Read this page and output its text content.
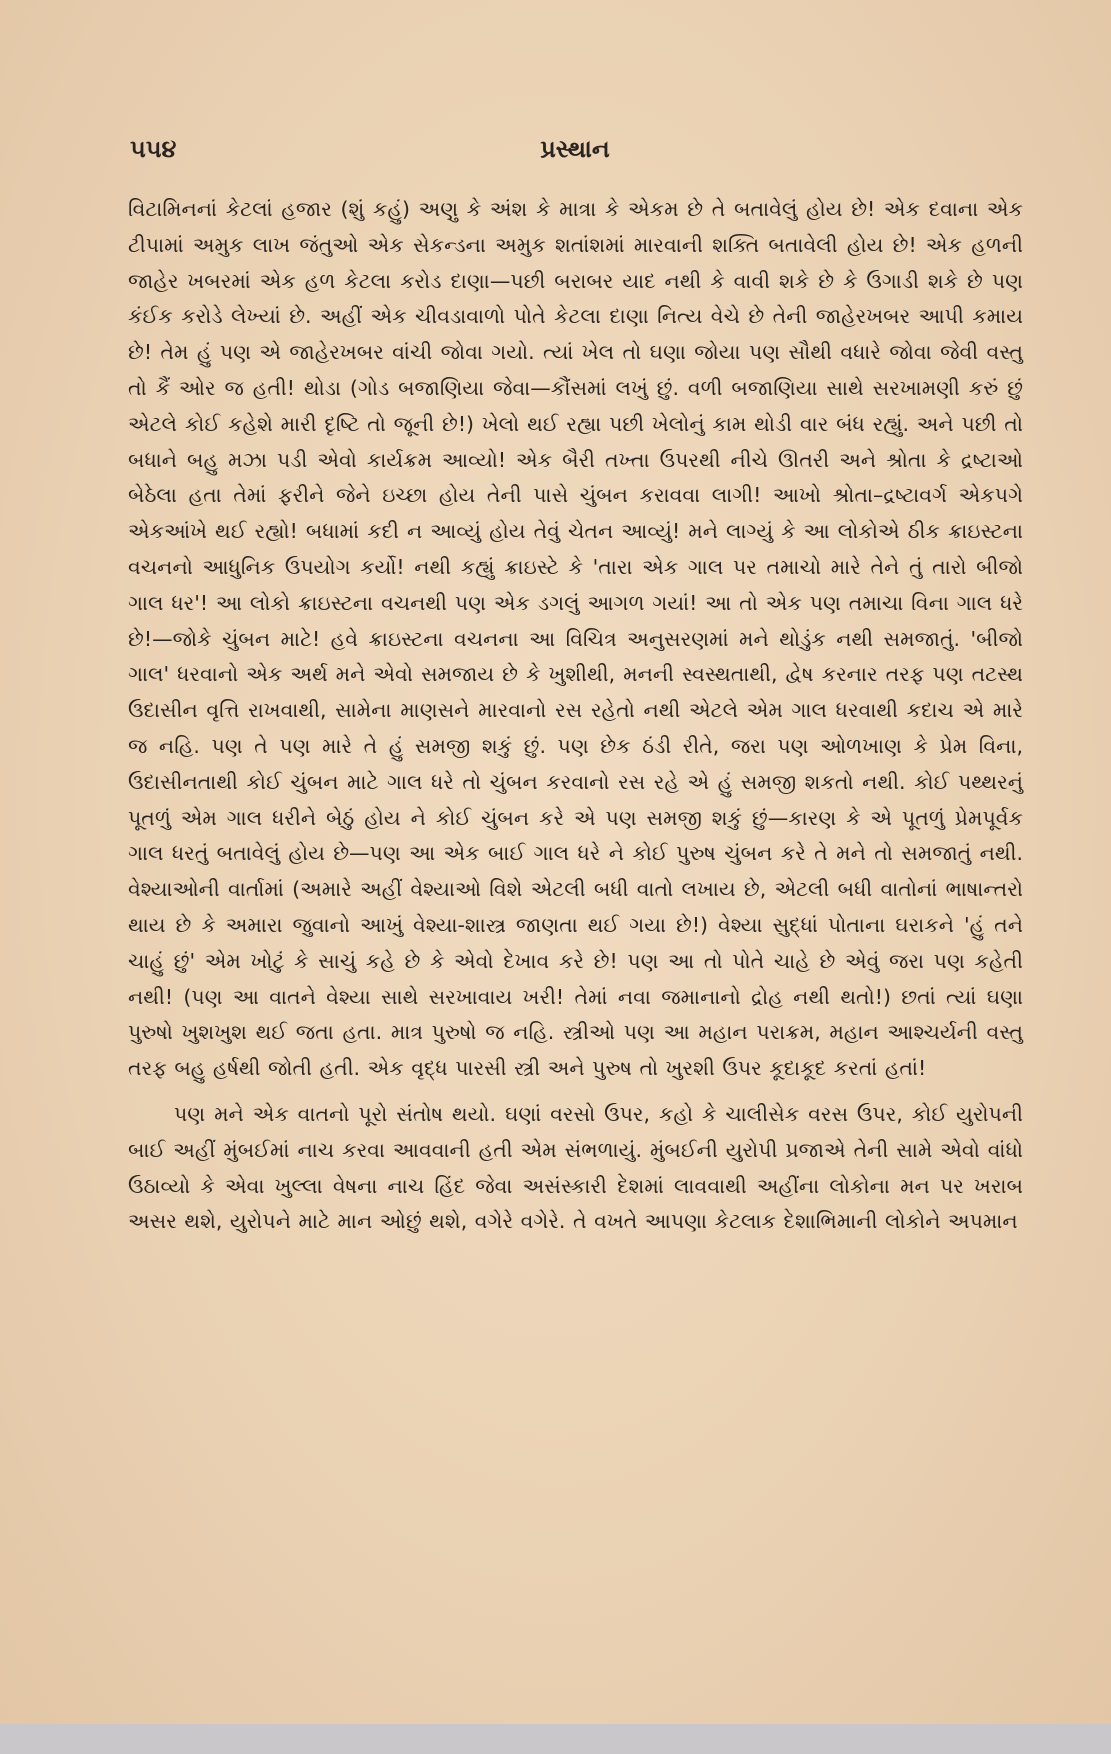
૫૫૪	પ્રસ્થાન

વિટામિનનાં કેટલાં હજાર (શું કહું) અણુ કે અંશ કે માત્રા કે એકમ છે તે બતાવેલું હોય છે! એક દવાના એક ટીપામાં અમુક લાખ જંતુઓ એક સેકન્ડના અમુક શતાંશમાં મારવાની શક્તિ બતાવેલી હોય છે! એક હળની જાહેર ખબરમાં એક હળ કેટલા કરોડ દાણા—પછી બરાબર યાદ નથી કે વાવી શકે છે કે ઉગાડી શકે છે પણ કંઈક કરોડે લેખ્યાં છે. અહીં એક ચીવડાવાળો પોતે કેટલા દાણા નિત્ય વેચે છે તેની જાહેરખબર આપી કમાય છે! તેમ હું પણ એ જાહેરખબર વાંચી જોવા ગયો. ત્યાં ખેલ તો ઘણા જોયા પણ સૌથી વધારે જોવા જેવી વસ્તુ તો કૈં ઓર જ હતી! થોડા (ગોડ બજાણિયા જેવા—કૌંસમાં લખું છું. વળી બજાણિયા સાથે સરખામણી કરું છું એટલે કોઈ કહેશે મારી દૃષ્ટિ તો જૂની છે!) ખેલો થઈ રહ્યા પછી ખેલોનું કામ થોડી વાર બંધ રહ્યું. અને પછી તો બધાને બહુ મઝા પડી એવો કાર્યક્રમ આવ્યો! એક બૈરી તખ્તા ઉપરથી નીચે ઊતરી અને શ્રોતા કે દ્રષ્ટાઓ બેઠેલા હતા તેમાં ફરીને જેને ઇચ્છા હોય તેની પાસે ચુંબન કરાવવા લાગી! આખો શ્રોતા–દ્રષ્ટાવર્ગ એકપગે એકઆંખે થઈ રહ્યો! બધામાં કદી ન આવ્યું હોય તેવું ચેતન આવ્યું! મને લાગ્યું કે આ લોકોએ ઠીક ક્રાઇસ્ટના વચનનો આધુનિક ઉપયોગ કર્યો! નથી કહ્યું ક્રાઇસ્ટે કે 'તારા એક ગાલ પર તમાચો મારે તેને તું તારો બીજો ગાલ ધર'! આ લોકો ક્રાઇસ્ટના વચનથી પણ એક ડગલું આગળ ગયાં! આ તો એક પણ તમાચા વિના ગાલ ધરે છે!—જોકે ચુંબન માટે! હવે ક્રાઇસ્ટના વચનના આ વિચિત્ર અનુસરણમાં મને થોડુંક નથી સમજાતું. 'બીજો ગાલ' ધરવાનો એક અર્થ મને એવો સમજાય છે કે ખુશીથી, મનની સ્વસ્થતાથી, દ્વેષ કરનાર તરફ પણ તટસ્થ ઉદાસીન વૃત્તિ રાખવાથી, સામેના માણસને મારવાનો રસ રહેતો નથી એટલે એમ ગાલ ધરવાથી કદાચ એ મારે જ નહિ. પણ તે પણ મારે તે હું સમજી શકું છું. પણ છેક ઠંડી રીતે, જરા પણ ઓળખાણ કે પ્રેમ વિના, ઉદાસીનતાથી કોઈ ચુંબન માટે ગાલ ધરે તો ચુંબન કરવાનો રસ રહે એ હું સમજી શકતો નથી. કોઈ પથ્થરનું પૂતળું એમ ગાલ ધરીને બેઠું હોય ને કોઈ ચુંબન કરે એ પણ સમજી શકું છું—કારણ કે એ પૂતળું પ્રેમપૂર્વક ગાલ ધરતું બતાવેલું હોય છે—પણ આ એક બાઈ ગાલ ધરે ને કોઈ પુરુષ ચુંબન કરે તે મને તો સમજાતું નથી. વેશ્યાઓની વાર્તામાં (અમારે અહીં વેશ્યાઓ વિશે એટલી બધી વાતો લખાય છે, એટલી બધી વાતોનાં ભાષાન્તરો થાય છે કે અમારા જુવાનો આખું વેશ્યા-શાસ્ત્ર જાણતા થઈ ગયા છે!) વેશ્યા સુદ્ધાં પોતાના ઘરાકને 'હું તને ચાહું છું' એમ ખોટું કે સાચું કહે છે કે એવો દેખાવ કરે છે! પણ આ તો પોતે ચાહે છે એવું જરા પણ કહેતી નથી! (પણ આ વાતને વેશ્યા સાથે સરખાવાય ખરી! તેમાં નવા જમાનાનો દ્રોહ નથી થતો!) છતાં ત્યાં ઘણા પુરુષો ખુશખુશ થઈ જતા હતા. માત્ર પુરુષો જ નહિ. સ્ત્રીઓ પણ આ મહાન પરાક્રમ, મહાન આશ્ચર્યની વસ્તુ તરફ બહુ હર્ષથી જોતી હતી. એક વૃદ્ધ પારસી સ્ત્રી અને પુરુષ તો ખુરશી ઉપર કૂદાકૂદ કરતાં હતાં!

પણ મને એક વાતનો પૂરો સંતોષ થયો. ઘણાં વરસો ઉપર, કહો કે ચાલીસેક વરસ ઉપર, કોઈ યુરોપની બાઈ અહીં મુંબઈમાં નાચ કરવા આવવાની હતી એમ સંભળાયું. મુંબઈની યુરોપી પ્રજાએ તેની સામે એવો વાંધો ઉઠાવ્યો કે એવા ખુલ્લા વેષના નાચ હિંદ જેવા અસંસ્કારી દેશમાં લાવવાથી અહીંના લોકોના મન પર ખરાબ અસર થશે, યુરોપને માટે માન ઓછું થશે, વગેરે વગેરે. તે વખતે આપણા કેટલાક દેશાભિમાની લોકોને અપમાન
